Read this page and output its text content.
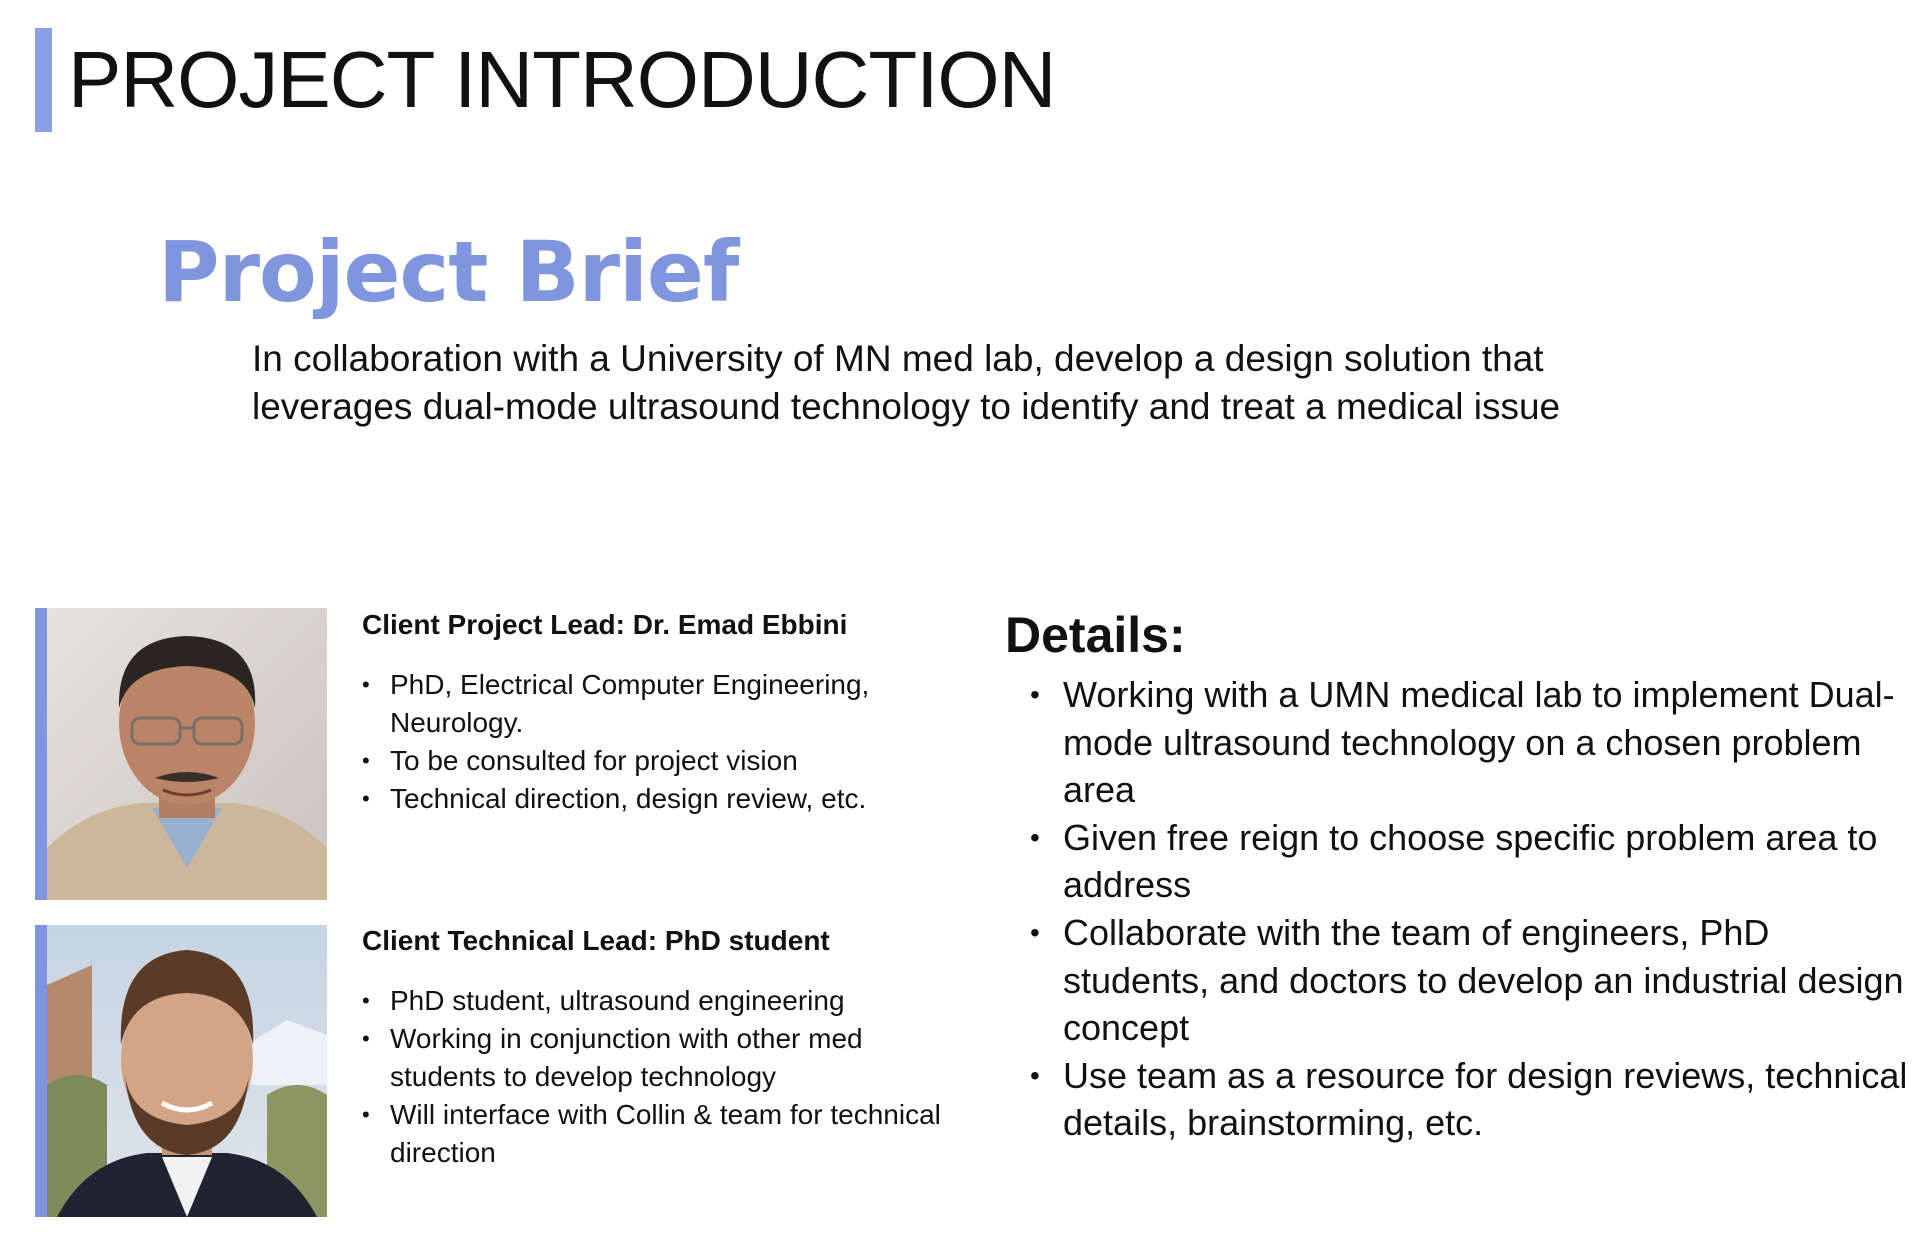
PROJECT INTRODUCTION
Project Brief

In collaboration with a University of MN med lab, develop a design solution that leverages dual-mode ultrasound technology to identify and treat a medical issue

Client Project Lead: Dr. Emad Ebbini

• PhD, Electrical Computer Engineering, Neurology.
• To be consulted for project vision
• Technical direction, design review, etc.

Client Technical Lead: PhD student

• PhD student, ultrasound engineering
• Working in conjunction with other med students to develop technology
• Will interface with Collin & team for technical direction
Details:
• Working with a UMN medical lab to implement Dual-mode ultrasound technology on a chosen problem area
• Given free reign to choose specific problem area to address
• Collaborate with the team of engineers, PhD students, and doctors to develop an industrial design concept
• Use team as a resource for design reviews, technical details, brainstorming, etc.
